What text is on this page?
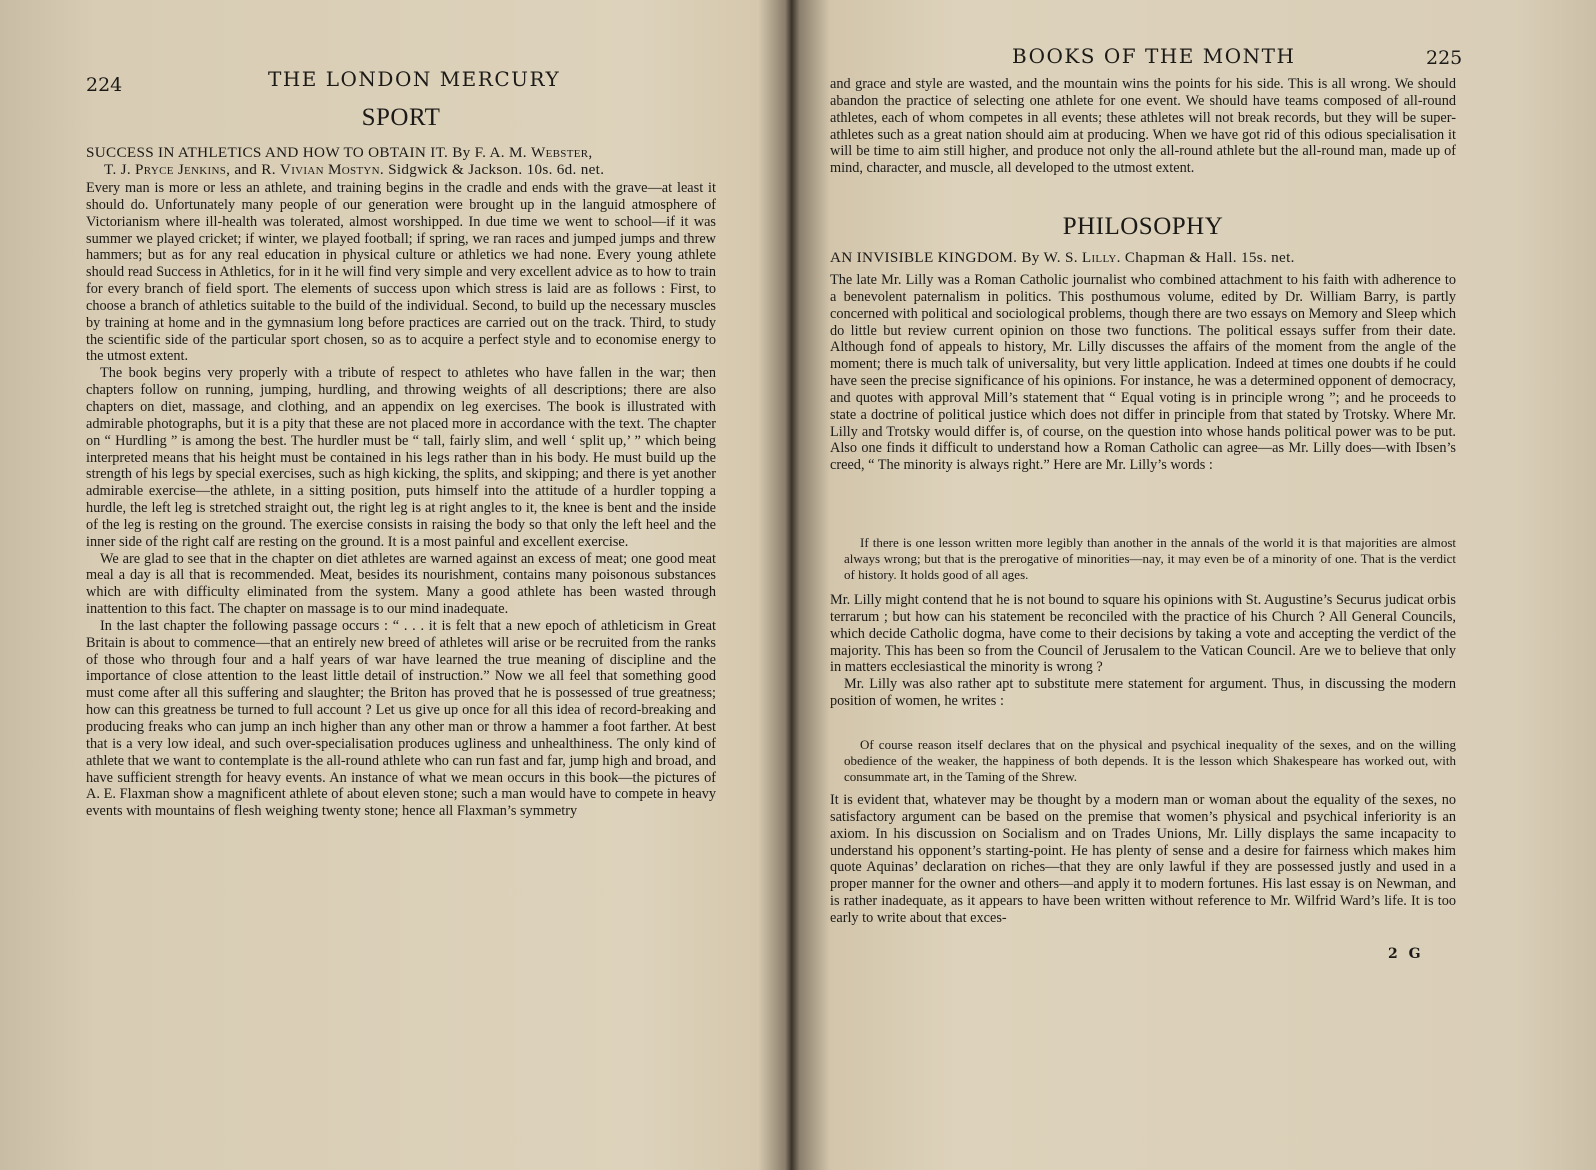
224	THE LONDON MERCURY
SPORT
SUCCESS IN ATHLETICS AND HOW TO OBTAIN IT. By F. A. M. Webster,
T. J. Pryce Jenkins, and R. Vivian Mostyn. Sidgwick & Jackson. 10s. 6d. net.

Every man is more or less an athlete, and training begins in the cradle and ends with the grave—at least it should do. Unfortunately many people of our generation were brought up in the languid atmosphere of Victorianism where ill-health was tolerated, almost worshipped. In due time we went to school—if it was summer we played cricket; if winter, we played football; if spring, we ran races and jumped jumps and threw hammers; but as for any real education in physical culture or athletics we had none. Every young athlete should read Success in Athletics, for in it he will find very simple and very excellent advice as to how to train for every branch of field sport. The elements of success upon which stress is laid are as follows : First, to choose a branch of athletics suitable to the build of the individual. Second, to build up the necessary muscles by training at home and in the gymnasium long before practices are carried out on the track. Third, to study the scientific side of the particular sport chosen, so as to acquire a perfect style and to economise energy to the utmost extent.

The book begins very properly with a tribute of respect to athletes who have fallen in the war; then chapters follow on running, jumping, hurdling, and throwing weights of all descriptions; there are also chapters on diet, massage, and clothing, and an appendix on leg exercises. The book is illustrated with admirable photographs, but it is a pity that these are not placed more in accordance with the text. The chapter on “ Hurdling ” is among the best. The hurdler must be “ tall, fairly slim, and well ‘ split up,’ ” which being interpreted means that his height must be contained in his legs rather than in his body. He must build up the strength of his legs by special exercises, such as high kicking, the splits, and skipping; and there is yet another admirable exercise—the athlete, in a sitting position, puts himself into the attitude of a hurdler topping a hurdle, the left leg is stretched straight out, the right leg is at right angles to it, the knee is bent and the inside of the leg is resting on the ground. The exercise consists in raising the body so that only the left heel and the inner side of the right calf are resting on the ground. It is a most painful and excellent exercise.

We are glad to see that in the chapter on diet athletes are warned against an excess of meat; one good meat meal a day is all that is recommended. Meat, besides its nourishment, contains many poisonous substances which are with difficulty eliminated from the system. Many a good athlete has been wasted through inattention to this fact. The chapter on massage is to our mind inadequate.

In the last chapter the following passage occurs : “ . . . it is felt that a new epoch of athleticism in Great Britain is about to commence—that an entirely new breed of athletes will arise or be recruited from the ranks of those who through four and a half years of war have learned the true meaning of discipline and the importance of close attention to the least little detail of instruction.” Now we all feel that something good must come after all this suffering and slaughter; the Briton has proved that he is possessed of true greatness; how can this greatness be turned to full account ? Let us give up once for all this idea of record-breaking and producing freaks who can jump an inch higher than any other man or throw a hammer a foot farther. At best that is a very low ideal, and such over-specialisation produces ugliness and unhealthiness. The only kind of athlete that we want to contemplate is the all-round athlete who can run fast and far, jump high and broad, and have sufficient strength for heavy events. An instance of what we mean occurs in this book—the pictures of A. E. Flaxman show a magnificent athlete of about eleven stone; such a man would have to compete in heavy events with mountains of flesh weighing twenty stone; hence all Flaxman’s symmetry

BOOKS OF THE MONTH	225

and grace and style are wasted, and the mountain wins the points for his side. This is all wrong. We should abandon the practice of selecting one athlete for one event. We should have teams composed of all-round athletes, each of whom competes in all events; these athletes will not break records, but they will be super-athletes such as a great nation should aim at producing. When we have got rid of this odious specialisation it will be time to aim still higher, and produce not only the all-round athlete but the all-round man, made up of mind, character, and muscle, all developed to the utmost extent.

PHILOSOPHY
AN INVISIBLE KINGDOM. By W. S. Lilly. Chapman & Hall. 15s. net.

The late Mr. Lilly was a Roman Catholic journalist who combined attachment to his faith with adherence to a benevolent paternalism in politics. This posthumous volume, edited by Dr. William Barry, is partly concerned with political and sociological problems, though there are two essays on Memory and Sleep which do little but review current opinion on those two functions. The political essays suffer from their date. Although fond of appeals to history, Mr. Lilly discusses the affairs of the moment from the angle of the moment; there is much talk of universality, but very little application. Indeed at times one doubts if he could have seen the precise significance of his opinions. For instance, he was a determined opponent of democracy, and quotes with approval Mill’s statement that “ Equal voting is in principle wrong ”; and he proceeds to state a doctrine of political justice which does not differ in principle from that stated by Trotsky. Where Mr. Lilly and Trotsky would differ is, of course, on the question into whose hands political power was to be put. Also one finds it difficult to understand how a Roman Catholic can agree—as Mr. Lilly does—with Ibsen’s creed, “ The minority is always right.” Here are Mr. Lilly’s words :

If there is one lesson written more legibly than another in the annals of the world it is that majorities are almost always wrong; but that is the prerogative of minorities—nay, it may even be of a minority of one. That is the verdict of history. It holds good of all ages.

Mr. Lilly might contend that he is not bound to square his opinions with St. Augustine’s Securus judicat orbis terrarum ; but how can his statement be reconciled with the practice of his Church ? All General Councils, which decide Catholic dogma, have come to their decisions by taking a vote and accepting the verdict of the majority. This has been so from the Council of Jerusalem to the Vatican Council. Are we to believe that only in matters ecclesiastical the minority is wrong ?

Mr. Lilly was also rather apt to substitute mere statement for argument. Thus, in discussing the modern position of women, he writes :

Of course reason itself declares that on the physical and psychical inequality of the sexes, and on the willing obedience of the weaker, the happiness of both depends. It is the lesson which Shakespeare has worked out, with consummate art, in the Taming of the Shrew.

It is evident that, whatever may be thought by a modern man or woman about the equality of the sexes, no satisfactory argument can be based on the premise that women’s physical and psychical inferiority is an axiom. In his discussion on Socialism and on Trades Unions, Mr. Lilly displays the same incapacity to understand his opponent’s starting-point. He has plenty of sense and a desire for fairness which makes him quote Aquinas’ declaration on riches—that they are only lawful if they are possessed justly and used in a proper manner for the owner and others—and apply it to modern fortunes. His last essay is on Newman, and is rather inadequate, as it appears to have been written without reference to Mr. Wilfrid Ward’s life. It is too early to write about that exces-

2 G
